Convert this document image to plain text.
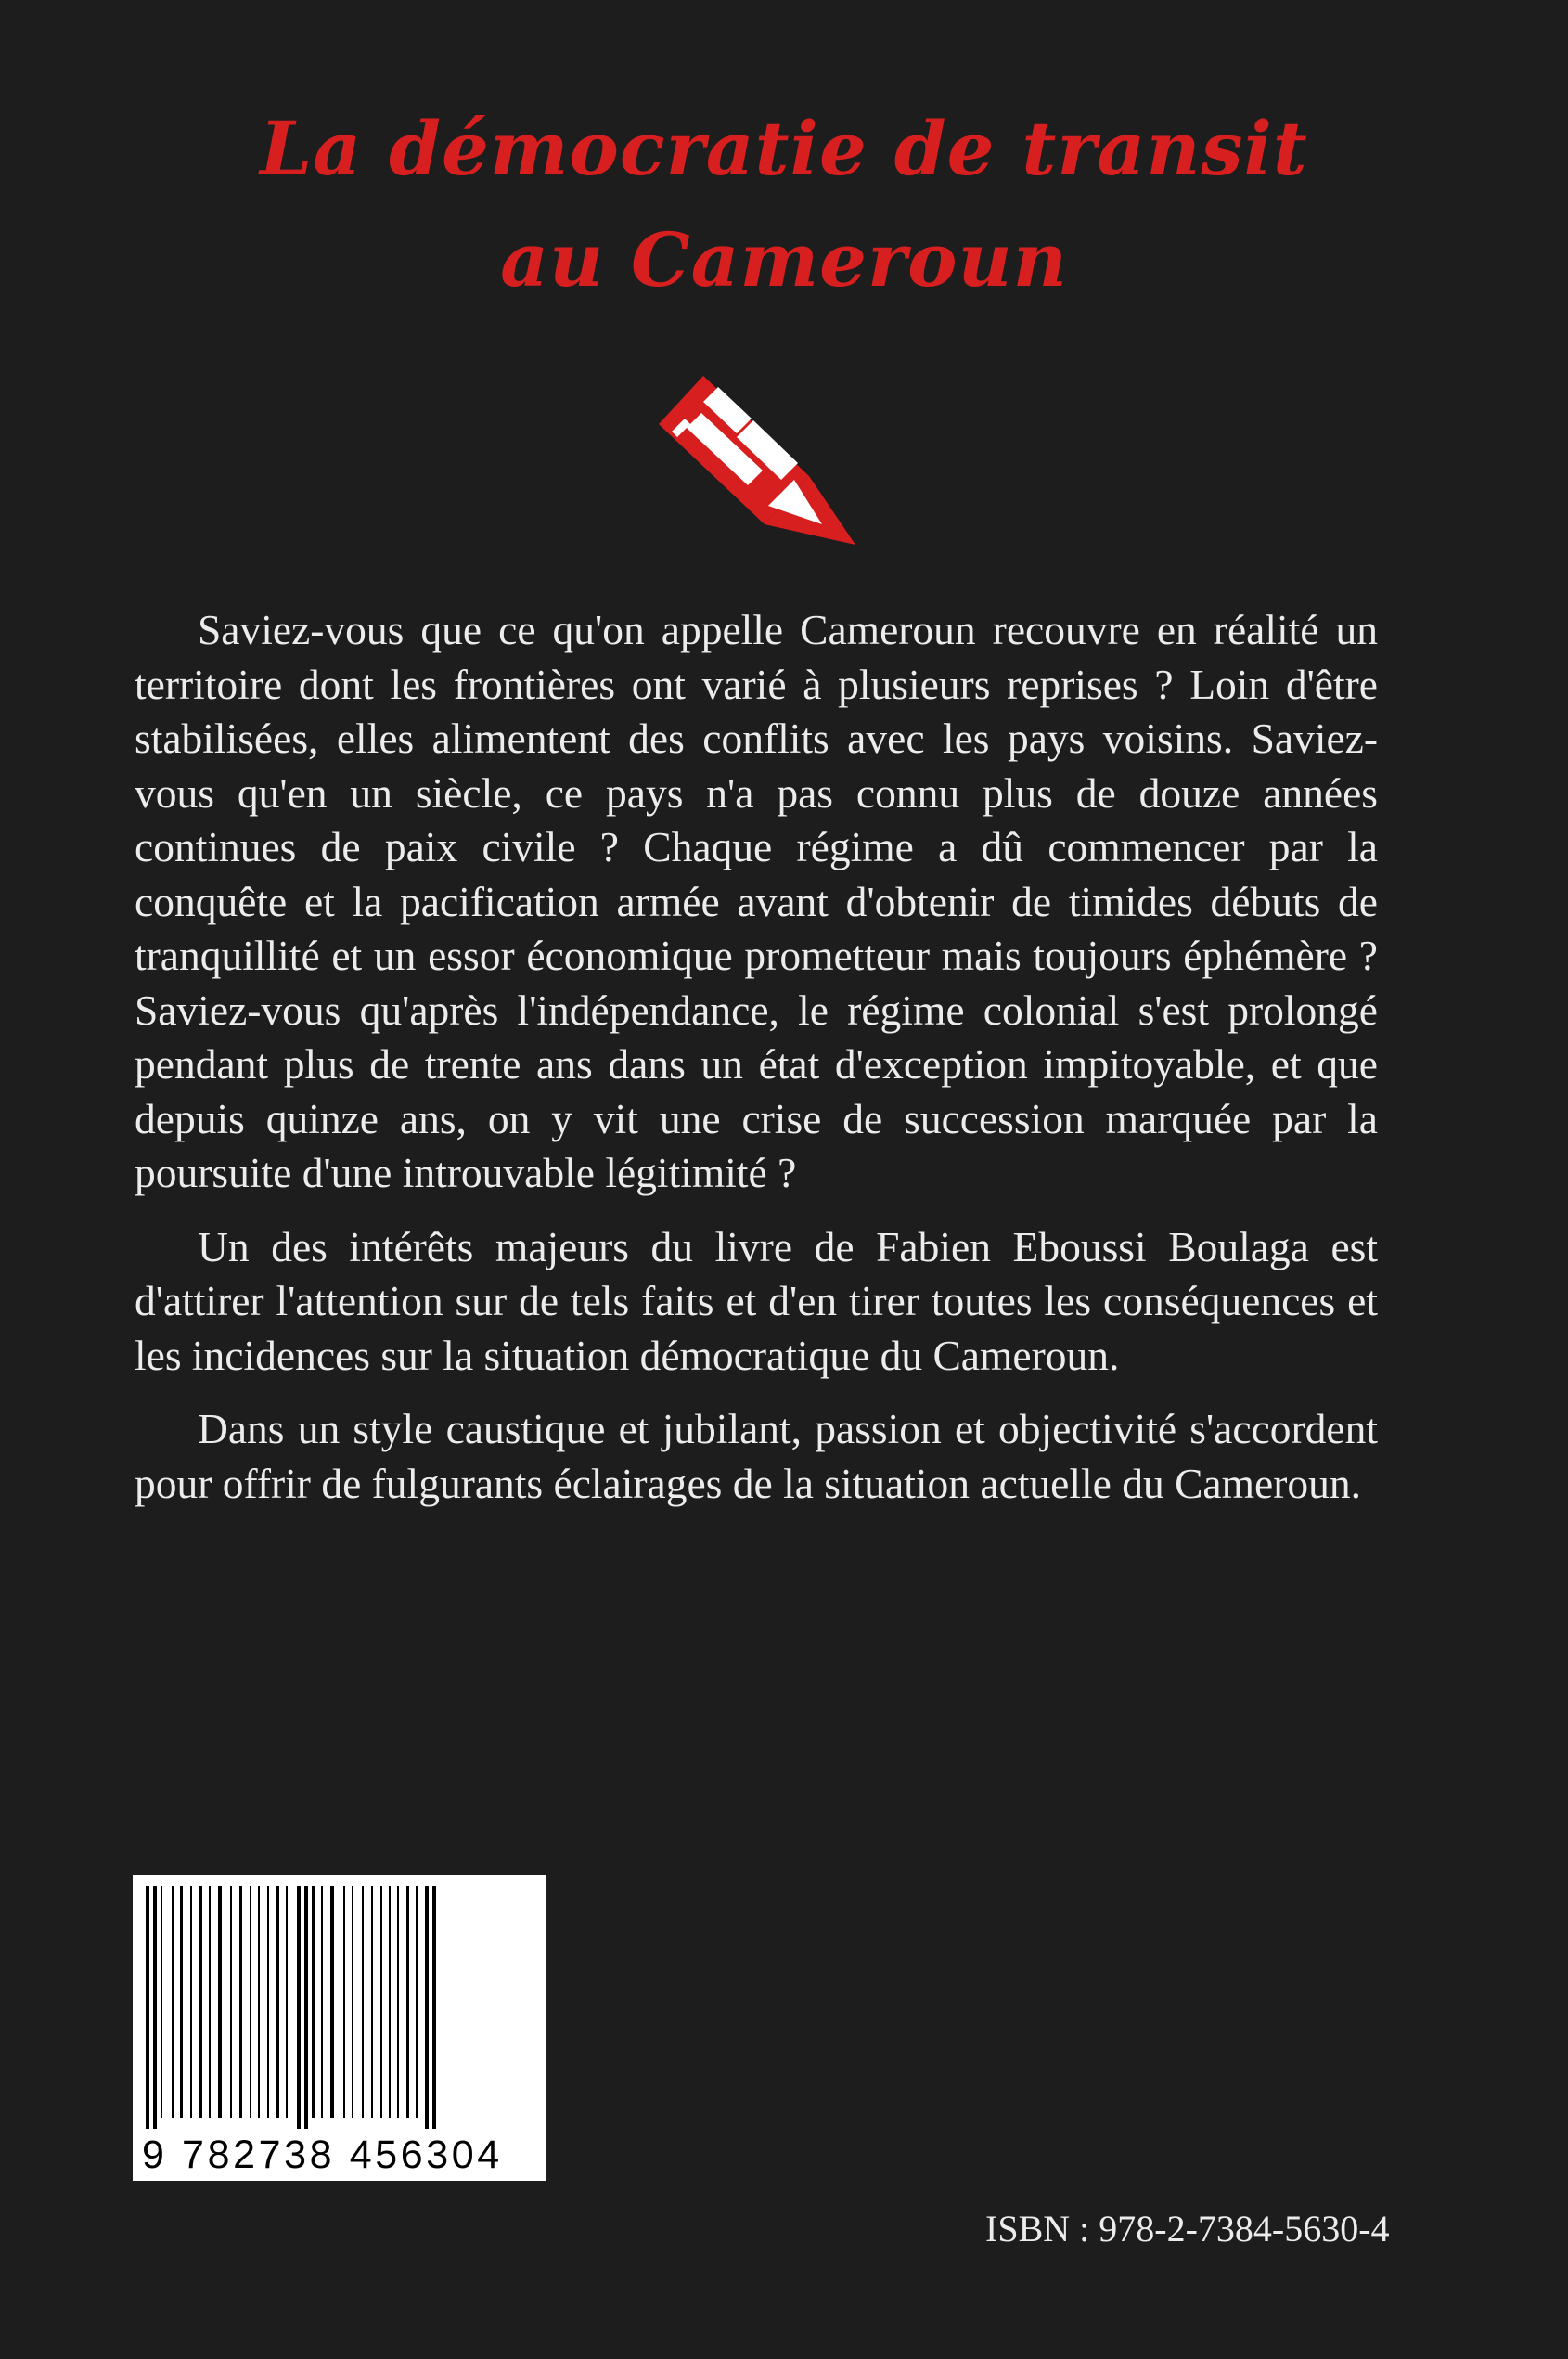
La démocratie de transit
au Cameroun

Saviez-vous que ce qu'on appelle Cameroun recouvre en réalité un territoire dont les frontières ont varié à plusieurs reprises ? Loin d'être stabilisées, elles alimentent des conflits avec les pays voisins. Saviez-vous qu'en un siècle, ce pays n'a pas connu plus de douze années continues de paix civile ? Chaque régime a dû commencer par la conquête et la pacification armée avant d'obtenir de timides débuts de tranquillité et un essor économique prometteur mais toujours éphémère ? Saviez-vous qu'après l'indépendance, le régime colonial s'est prolongé pendant plus de trente ans dans un état d'exception impitoyable, et que depuis quinze ans, on y vit une crise de succession marquée par la poursuite d'une introuvable légitimité ?

Un des intérêts majeurs du livre de Fabien Eboussi Boulaga est d'attirer l'attention sur de tels faits et d'en tirer toutes les conséquences et les incidences sur la situation démocratique du Cameroun.

Dans un style caustique et jubilant, passion et objectivité s'accordent pour offrir de fulgurants éclairages de la situation actuelle du Cameroun.

9 782738 456304
ISBN : 978-2-7384-5630-4
